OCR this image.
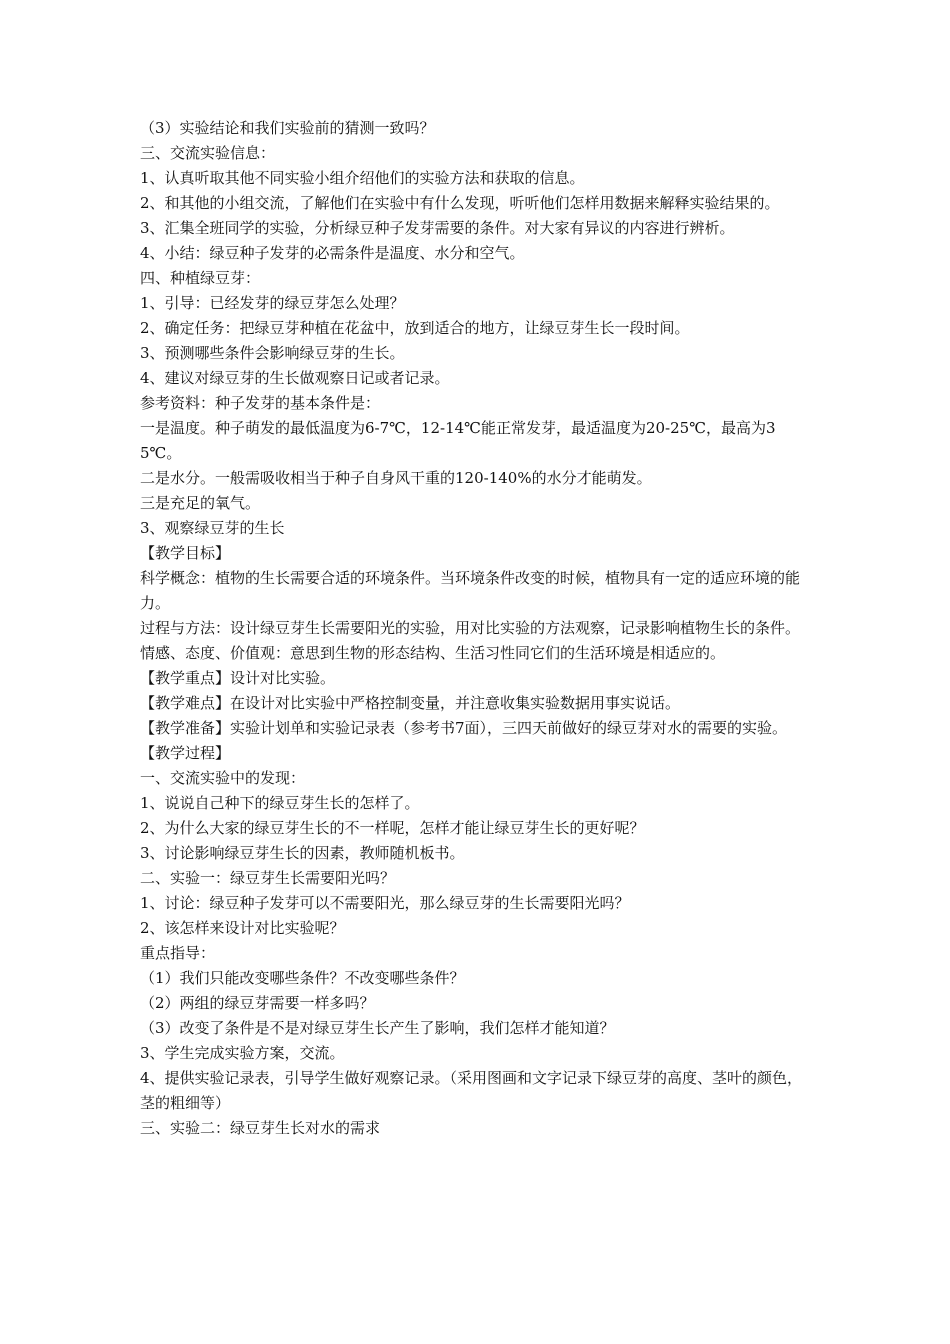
（3）实验结论和我们实验前的猜测一致吗？
三、交流实验信息：
1、认真听取其他不同实验小组介绍他们的实验方法和获取的信息。
2、和其他的小组交流，了解他们在实验中有什么发现，听听他们怎样用数据来解释实验结果的。
3、汇集全班同学的实验，分析绿豆种子发芽需要的条件。对大家有异议的内容进行辨析。
4、小结：绿豆种子发芽的必需条件是温度、水分和空气。
四、种植绿豆芽：
1、引导：已经发芽的绿豆芽怎么处理？
2、确定任务：把绿豆芽种植在花盆中，放到适合的地方，让绿豆芽生长一段时间。
3、预测哪些条件会影响绿豆芽的生长。
4、建议对绿豆芽的生长做观察日记或者记录。
参考资料：种子发芽的基本条件是：
一是温度。种子萌发的最低温度为6-7℃，12-14℃能正常发芽，最适温度为20-25℃，最高为35℃。
二是水分。一般需吸收相当于种子自身风干重的120-140%的水分才能萌发。
三是充足的氧气。
3、观察绿豆芽的生长
【教学目标】
科学概念：植物的生长需要合适的环境条件。当环境条件改变的时候，植物具有一定的适应环境的能力。
过程与方法：设计绿豆芽生长需要阳光的实验，用对比实验的方法观察，记录影响植物生长的条件。
情感、态度、价值观：意思到生物的形态结构、生活习性同它们的生活环境是相适应的。
【教学重点】设计对比实验。
【教学难点】在设计对比实验中严格控制变量，并注意收集实验数据用事实说话。
【教学准备】实验计划单和实验记录表（参考书7面），三四天前做好的绿豆芽对水的需要的实验。
【教学过程】
一、交流实验中的发现：
1、说说自己种下的绿豆芽生长的怎样了。
2、为什么大家的绿豆芽生长的不一样呢，怎样才能让绿豆芽生长的更好呢？
3、讨论影响绿豆芽生长的因素，教师随机板书。
二、实验一：绿豆芽生长需要阳光吗？
1、讨论：绿豆种子发芽可以不需要阳光，那么绿豆芽的生长需要阳光吗？
2、该怎样来设计对比实验呢？
重点指导：
（1）我们只能改变哪些条件？不改变哪些条件？
（2）两组的绿豆芽需要一样多吗？
（3）改变了条件是不是对绿豆芽生长产生了影响，我们怎样才能知道？
3、学生完成实验方案，交流。
4、提供实验记录表，引导学生做好观察记录。（采用图画和文字记录下绿豆芽的高度、茎叶的颜色，茎的粗细等）
三、实验二：绿豆芽生长对水的需求
